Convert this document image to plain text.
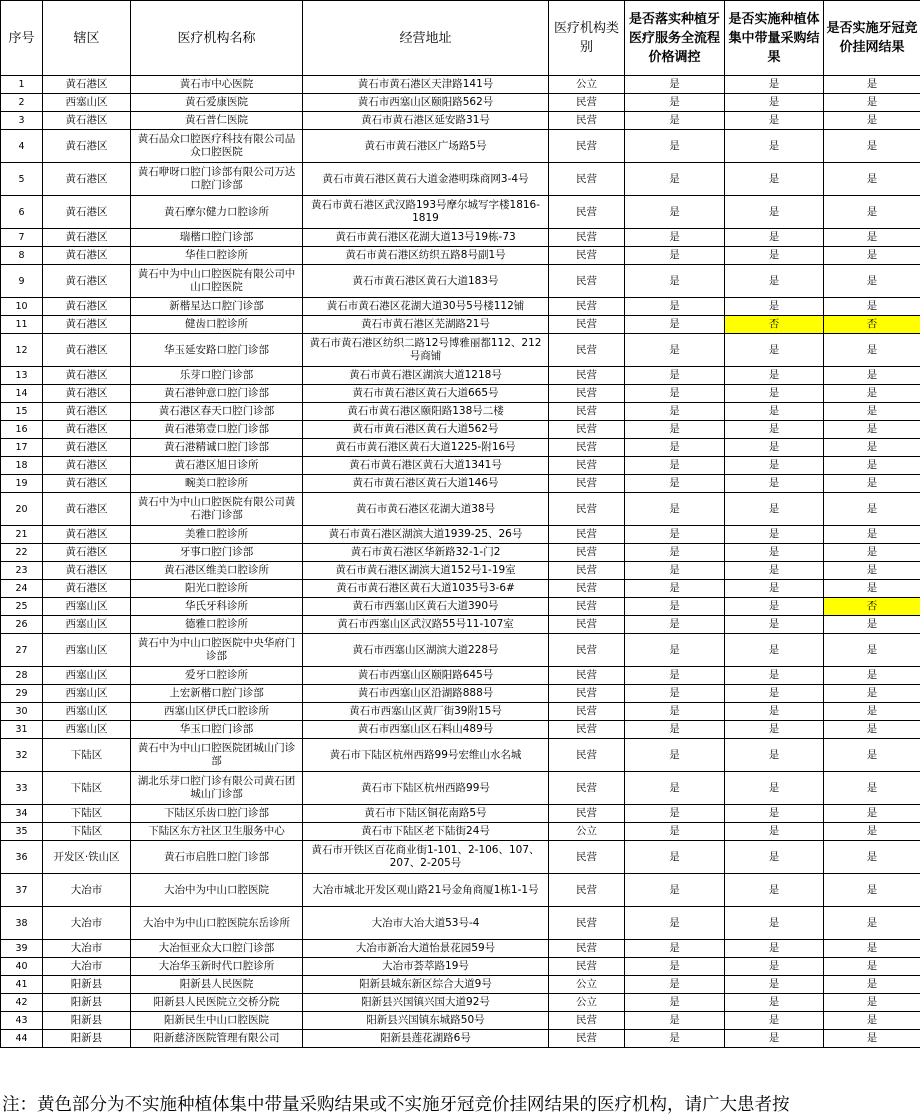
序号	辖区	医疗机构名称	经营地址	医疗机构类别	是否落实种植牙医疗服务全流程价格调控	是否实施种植体集中带量采购结果	是否实施牙冠竞价挂网结果
1	黄石港区	黄石市中心医院	黄石市黄石港区天津路141号	公立	是	是	是
2	西塞山区	黄石爱康医院	黄石市西塞山区颐阳路562号	民营	是	是	是
3	黄石港区	黄石普仁医院	黄石市黄石港区延安路31号	民营	是	是	是
4	黄石港区	黄石品众口腔医疗科技有限公司品众口腔医院	黄石市黄石港区广场路5号	民营	是	是	是
5	黄石港区	黄石咿呀口腔门诊部有限公司万达口腔门诊部	黄石市黄石港区黄石大道金港明珠商网3-4号	民营	是	是	是
6	黄石港区	黄石摩尔健力口腔诊所	黄石市黄石港区武汉路193号摩尔城写字楼1816-1819	民营	是	是	是
7	黄石港区	瑞楷口腔门诊部	黄石市黄石港区花湖大道13号19栋-73	民营	是	是	是
8	黄石港区	华佳口腔诊所	黄石市黄石港区纺织五路8号副1号	民营	是	是	是
9	黄石港区	黄石中为中山口腔医院有限公司中山口腔医院	黄石市黄石港区黄石大道183号	民营	是	是	是
10	黄石港区	新楷星达口腔门诊部	黄石市黄石港区花湖大道30号5号楼112铺	民营	是	是	是
11	黄石港区	健齿口腔诊所	黄石市黄石港区芜湖路21号	民营	是	否	否
12	黄石港区	华玉延安路口腔门诊部	黄石市黄石港区纺织二路12号博雅丽都112、212号商铺	民营	是	是	是
13	黄石港区	乐芽口腔门诊部	黄石市黄石港区湖滨大道1218号	民营	是	是	是
14	黄石港区	黄石港钟意口腔门诊部	黄石市黄石港区黄石大道665号	民营	是	是	是
15	黄石港区	黄石港区春天口腔门诊部	黄石市黄石港区颐阳路138号二楼	民营	是	是	是
16	黄石港区	黄石港第壹口腔门诊部	黄石市黄石港区黄石大道562号	民营	是	是	是
17	黄石港区	黄石港精诚口腔门诊部	黄石市黄石港区黄石大道1225-附16号	民营	是	是	是
18	黄石港区	黄石港区旭日诊所	黄石市黄石港区黄石大道1341号	民营	是	是	是
19	黄石港区	畹美口腔诊所	黄石市黄石港区黄石大道146号	民营	是	是	是
20	黄石港区	黄石中为中山口腔医院有限公司黄石港门诊部	黄石市黄石港区花湖大道38号	民营	是	是	是
21	黄石港区	美雅口腔诊所	黄石市黄石港区湖滨大道1939-25、26号	民营	是	是	是
22	黄石港区	牙事口腔门诊部	黄石市黄石港区华新路32-1-门2	民营	是	是	是
23	黄石港区	黄石港区维美口腔诊所	黄石市黄石港区湖滨大道152号1-19室	民营	是	是	是
24	黄石港区	阳光口腔诊所	黄石市黄石港区黄石大道1035号3-6#	民营	是	是	是
25	西塞山区	华氏牙科诊所	黄石市西塞山区黄石大道390号	民营	是	是	否
26	西塞山区	德雅口腔诊所	黄石市西塞山区武汉路55号11-107室	民营	是	是	是
27	西塞山区	黄石中为中山口腔医院中央华府门诊部	黄石市西塞山区湖滨大道228号	民营	是	是	是
28	西塞山区	爱牙口腔诊所	黄石市西塞山区颐阳路645号	民营	是	是	是
29	西塞山区	上宏新楷口腔门诊部	黄石市西塞山区沿湖路888号	民营	是	是	是
30	西塞山区	西塞山区伊氏口腔诊所	黄石市西塞山区黄厂街39附15号	民营	是	是	是
31	西塞山区	华玉口腔门诊部	黄石市西塞山区石料山489号	民营	是	是	是
32	下陆区	黄石中为中山口腔医院团城山门诊部	黄石市下陆区杭州西路99号宏维山水名城	民营	是	是	是
33	下陆区	湖北乐芽口腔门诊有限公司黄石团城山门诊部	黄石市下陆区杭州西路99号	民营	是	是	是
34	下陆区	下陆区乐齿口腔门诊部	黄石市下陆区铜花南路5号	民营	是	是	是
35	下陆区	下陆区东方社区卫生服务中心	黄石市下陆区老下陆街24号	公立	是	是	是
36	开发区·铁山区	黄石市启胜口腔门诊部	黄石市开铁区百花商业街1-101、2-106、107、207、2-205号	民营	是	是	是
37	大冶市	大冶中为中山口腔医院	大冶市城北开发区观山路21号金角商厦1栋1-1号	民营	是	是	是
38	大冶市	大冶中为中山口腔医院东岳诊所	大冶市大冶大道53号-4	民营	是	是	是
39	大冶市	大冶恒亚众大口腔门诊部	大冶市新冶大道怡景花园59号	民营	是	是	是
40	大冶市	大冶华玉新时代口腔诊所	大冶市荟萃路19号	民营	是	是	是
41	阳新县	阳新县人民医院	阳新县城东新区综合大道9号	公立	是	是	是
42	阳新县	阳新县人民医院立交桥分院	阳新县兴国镇兴国大道92号	公立	是	是	是
43	阳新县	阳新民生中山口腔医院	阳新县兴国镇东城路50号	民营	是	是	是
44	阳新县	阳新慈济医院管理有限公司	阳新县莲花湖路6号	民营	是	是	是
注：黄色部分为不实施种植体集中带量采购结果或不实施牙冠竞价挂网结果的医疗机构，请广大患者按
